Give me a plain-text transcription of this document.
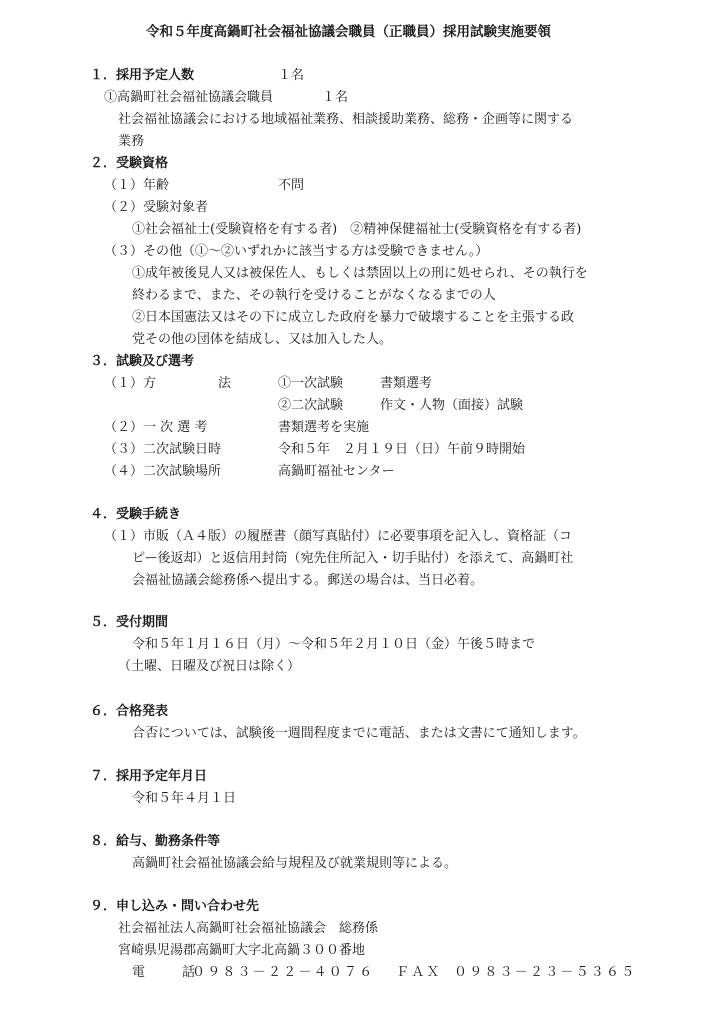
令和５年度高鍋町社会福祉協議会職員（正職員）採用試験実施要領
１．採用予定人数	１名
①高鍋町社会福祉協議会職員	１名
社会福祉協議会における地域福祉業務、相談援助業務、総務・企画等に関する
業務
２．受験資格
（１）年齢	不問
（２）受験対象者
①社会福祉士(受験資格を有する者)　②精神保健福祉士(受験資格を有する者)
（３）その他（①～②いずれかに該当する方は受験できません。）
①成年被後見人又は被保佐人、もしくは禁固以上の刑に処せられ、その執行を
終わるまで、また、その執行を受けることがなくなるまでの人
②日本国憲法又はその下に成立した政府を暴力で破壊することを主張する政
党その他の団体を結成し、又は加入した人。
３．試験及び選考
（１）方	法	①一次試験	書類選考
②二次試験	作文・人物（面接）試験
（２）一 次 選 考	書類選考を実施
（３）二次試験日時	令和５年　２月１９日（日）午前９時開始
（４）二次試験場所	高鍋町福祉センター
４．受験手続き
（１）市販（Ａ４版）の履歴書（顔写真貼付）に必要事項を記入し、資格証（コ
ピー後返却）と返信用封筒（宛先住所記入・切手貼付）を添えて、高鍋町社
会福祉協議会総務係へ提出する。郵送の場合は、当日必着。
５．受付期間
令和５年１月１６日（月）～令和５年２月１０日（金）午後５時まで
（土曜、日曜及び祝日は除く）
６．合格発表
合否については、試験後一週間程度までに電話、または文書にて通知します。
７．採用予定年月日
令和５年４月１日
８．給与、勤務条件等
高鍋町社会福祉協議会給与規程及び就業規則等による。
９．申し込み・問い合わせ先
社会福祉法人高鍋町社会福祉協議会　総務係
宮崎県児湯郡高鍋町大字北高鍋３００番地
電　話
０９８３－２２－４０７６ ＦＡＸ ０９８３－２３－５３６５
